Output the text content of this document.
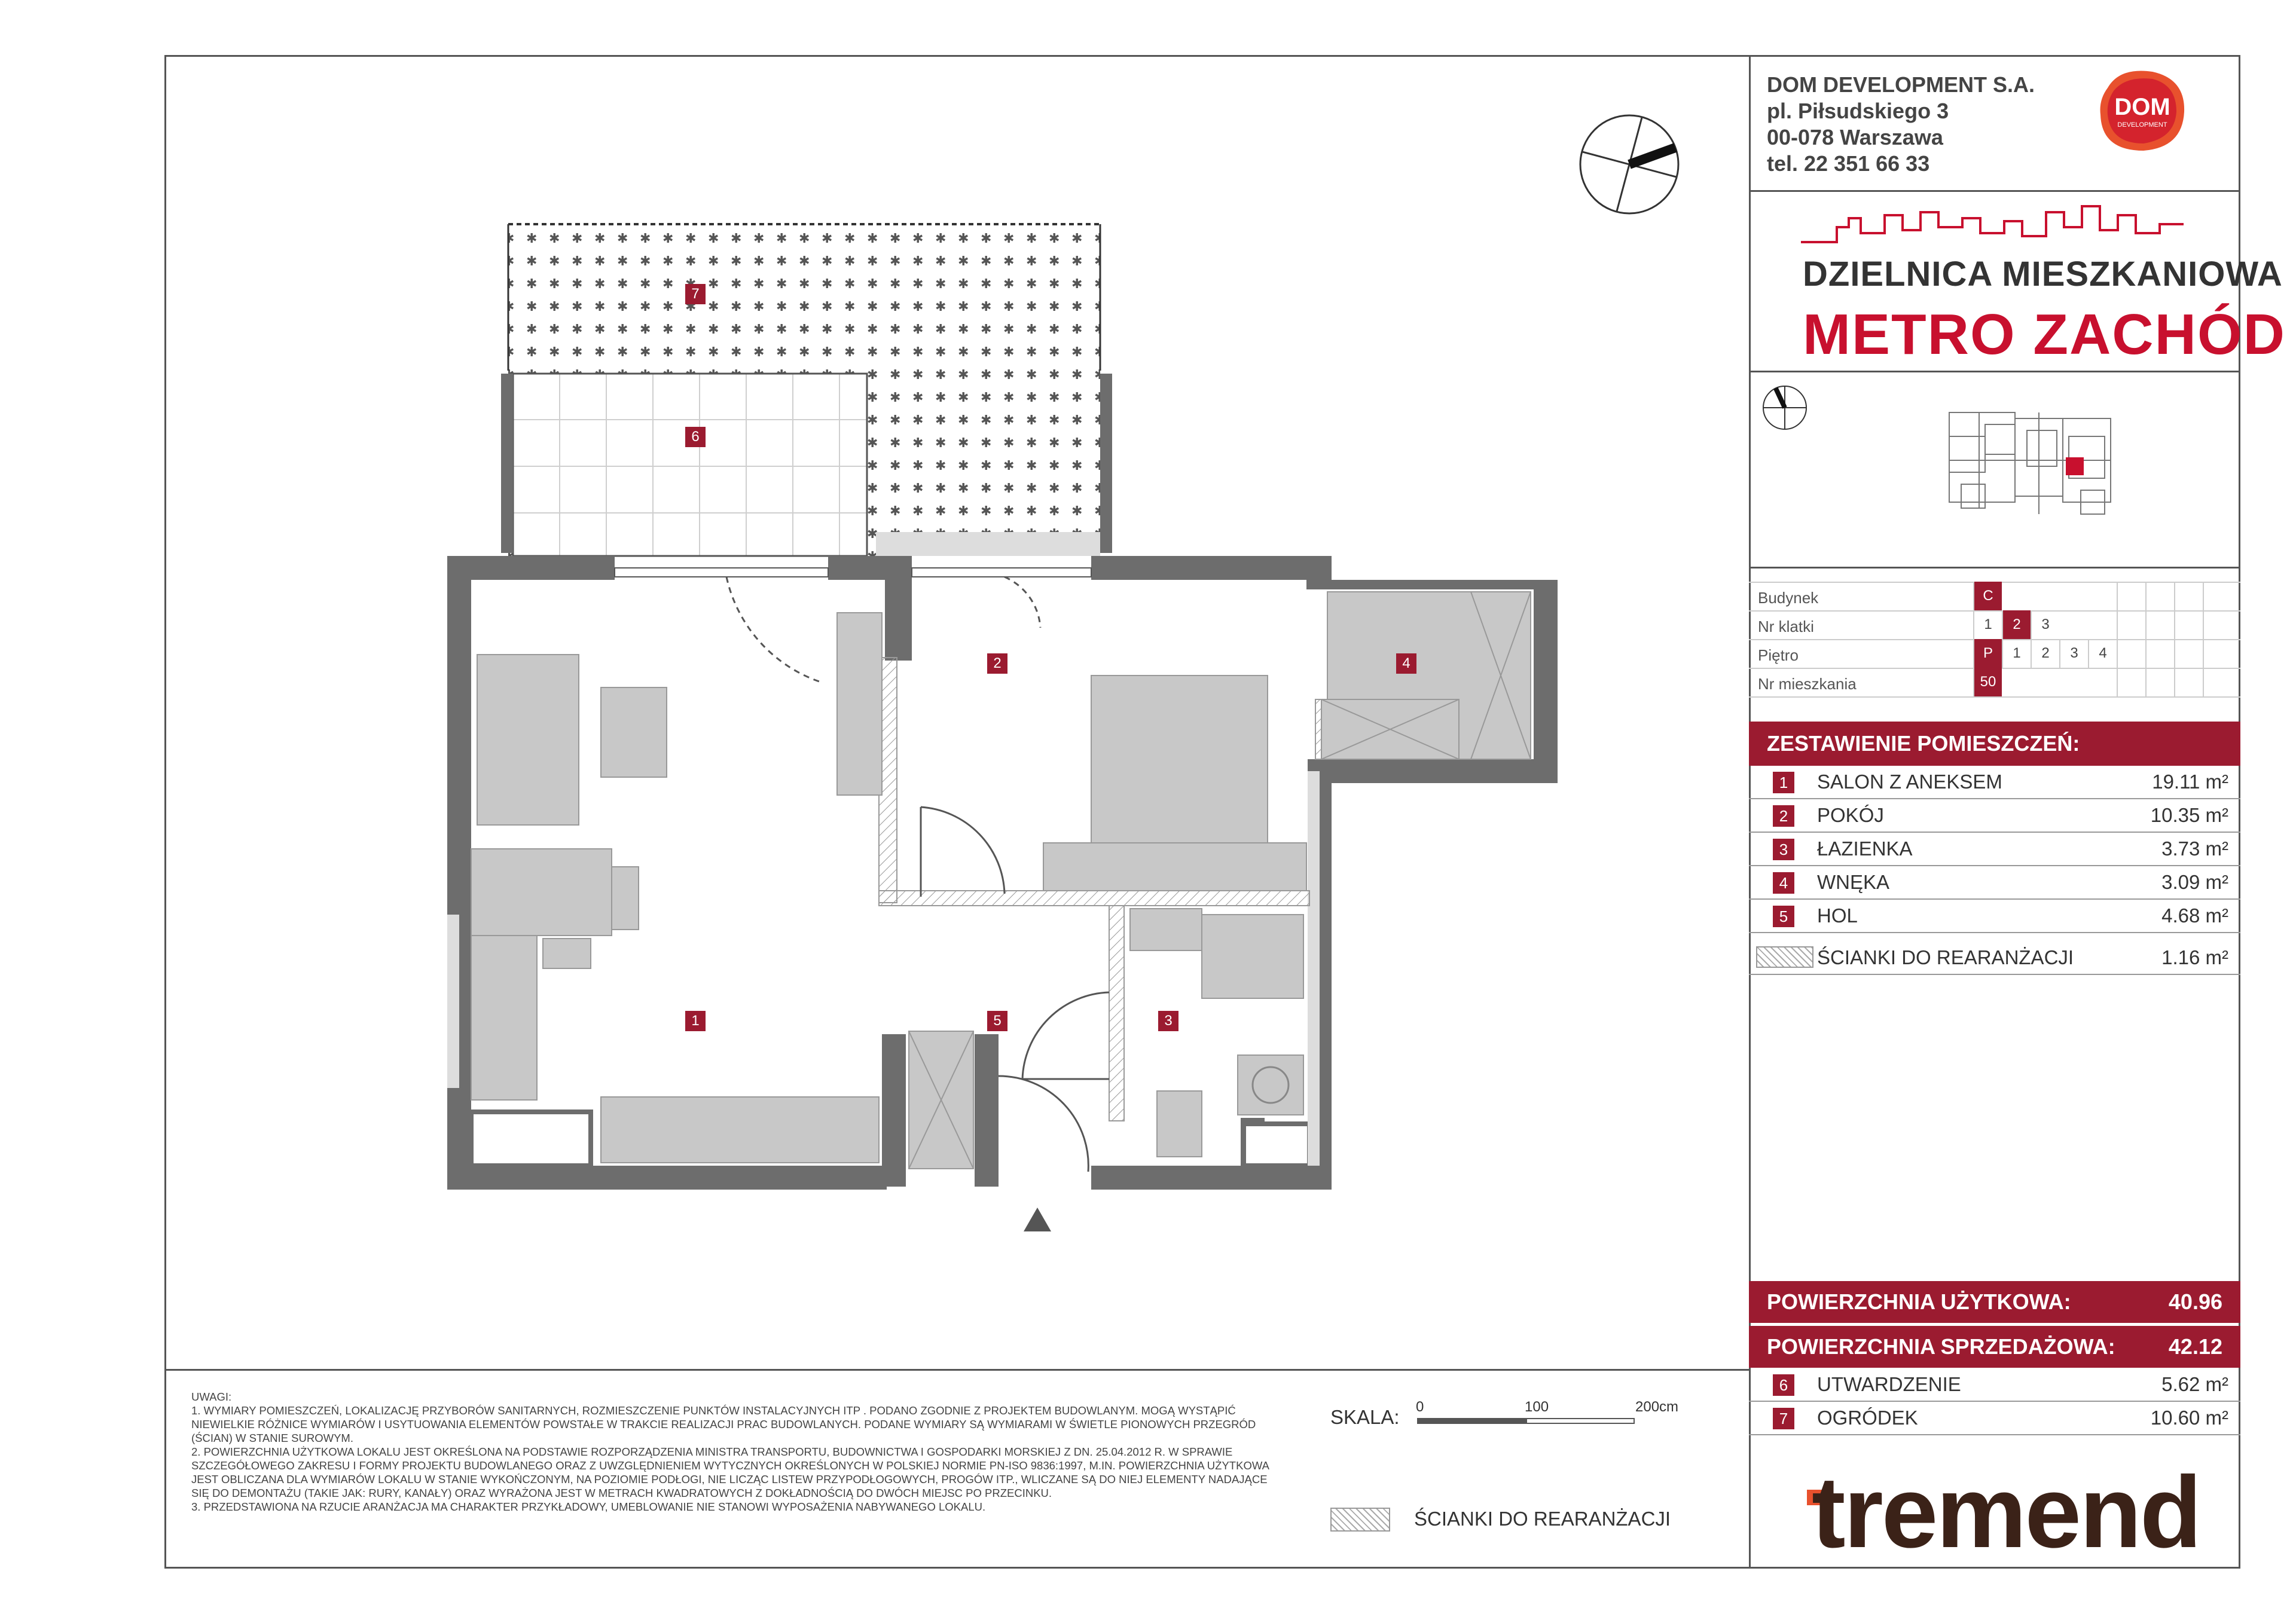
DOM DEVELOPMENT S.A.
pl. Piłsudskiego 3
00-078 Warszawa
tel. 22 351 66 33
DOM
DEVELOPMENT
DZIELNICA MIESZKANIOWA
METRO ZACHÓD
Budynek	C
Nr klatki	1	2	3
Piętro	P	1	2	3	4
Nr mieszkania	50
ZESTAWIENIE POMIESZCZEŃ:
1	SALON Z ANEKSEM	19.11 m²
2	POKÓJ	10.35 m²
3	ŁAZIENKA	3.73 m²
4	WNĘKA	3.09 m²
5	HOL	4.68 m²
ŚCIANKI DO REARANŻACJI	1.16 m²
POWIERZCHNIA UŻYTKOWA:	40.96
POWIERZCHNIA SPRZEDAŻOWA: 42.12
6	UTWARDZENIE	5.62 m²
7	OGRÓDEK	10.60 m²
tremend

UWAGI:

1. WYMIARY POMIESZCZEŃ, LOKALIZACJĘ PRZYBORÓW SANITARNYCH, ROZMIESZCZENIE PUNKTÓW INSTALACYJNYCH ITP . PODANO ZGODNIE Z PROJEKTEM BUDOWLANYM. MOGĄ WYSTĄPIĆ NIEWIELKIE RÓŻNICE WYMIARÓW I USYTUOWANIA ELEMENTÓW POWSTAŁE W TRAKCIE REALIZACJI PRAC BUDOWLANYCH. PODANE WYMIARY SĄ WYMIARAMI W ŚWIETLE PIONOWYCH PRZEGRÓD (ŚCIAN) W STANIE SUROWYM.

2. POWIERZCHNIA UŻYTKOWA LOKALU JEST OKREŚLONA NA PODSTAWIE ROZPORZĄDZENIA MINISTRA TRANSPORTU, BUDOWNICTWA I GOSPODARKI MORSKIEJ Z DN. 25.04.2012 R. W SPRAWIE SZCZEGÓŁOWEGO ZAKRESU I FORMY PROJEKTU BUDOWLANEGO ORAZ Z UWZGLĘDNIENIEM WYTYCZNYCH OKREŚLONYCH W POLSKIEJ NORMIE PN-ISO 9836:1997, M.IN. POWIERZCHNIA UŻYTKOWA JEST OBLICZANA DLA WYMIARÓW LOKALU W STANIE WYKOŃCZONYM, NA POZIOMIE PODŁOGI, NIE LICZĄC LISTEW PRZYPODŁOGOWYCH, PROGÓW ITP., WLICZANE SĄ DO NIEJ ELEMENTY NADAJĄCE SIĘ DO DEMONTAŻU (TAKIE JAK: RURY, KANAŁY) ORAZ WYRAŻONA JEST W METRACH KWADRATOWYCH Z DOKŁADNOŚCIĄ DO DWÓCH MIEJSC PO PRZECINKU.

3. PRZEDSTAWIONA NA RZUCIE ARANŻACJA MA CHARAKTER PRZYKŁADOWY, UMEBLOWANIE NIE STANOWI WYPOSAŻENIA NABYWANEGO LOKALU.

SKALA: 0	100	200cm
ŚCIANKI DO REARANŻACJI
7
6
2	4
1	5	3
